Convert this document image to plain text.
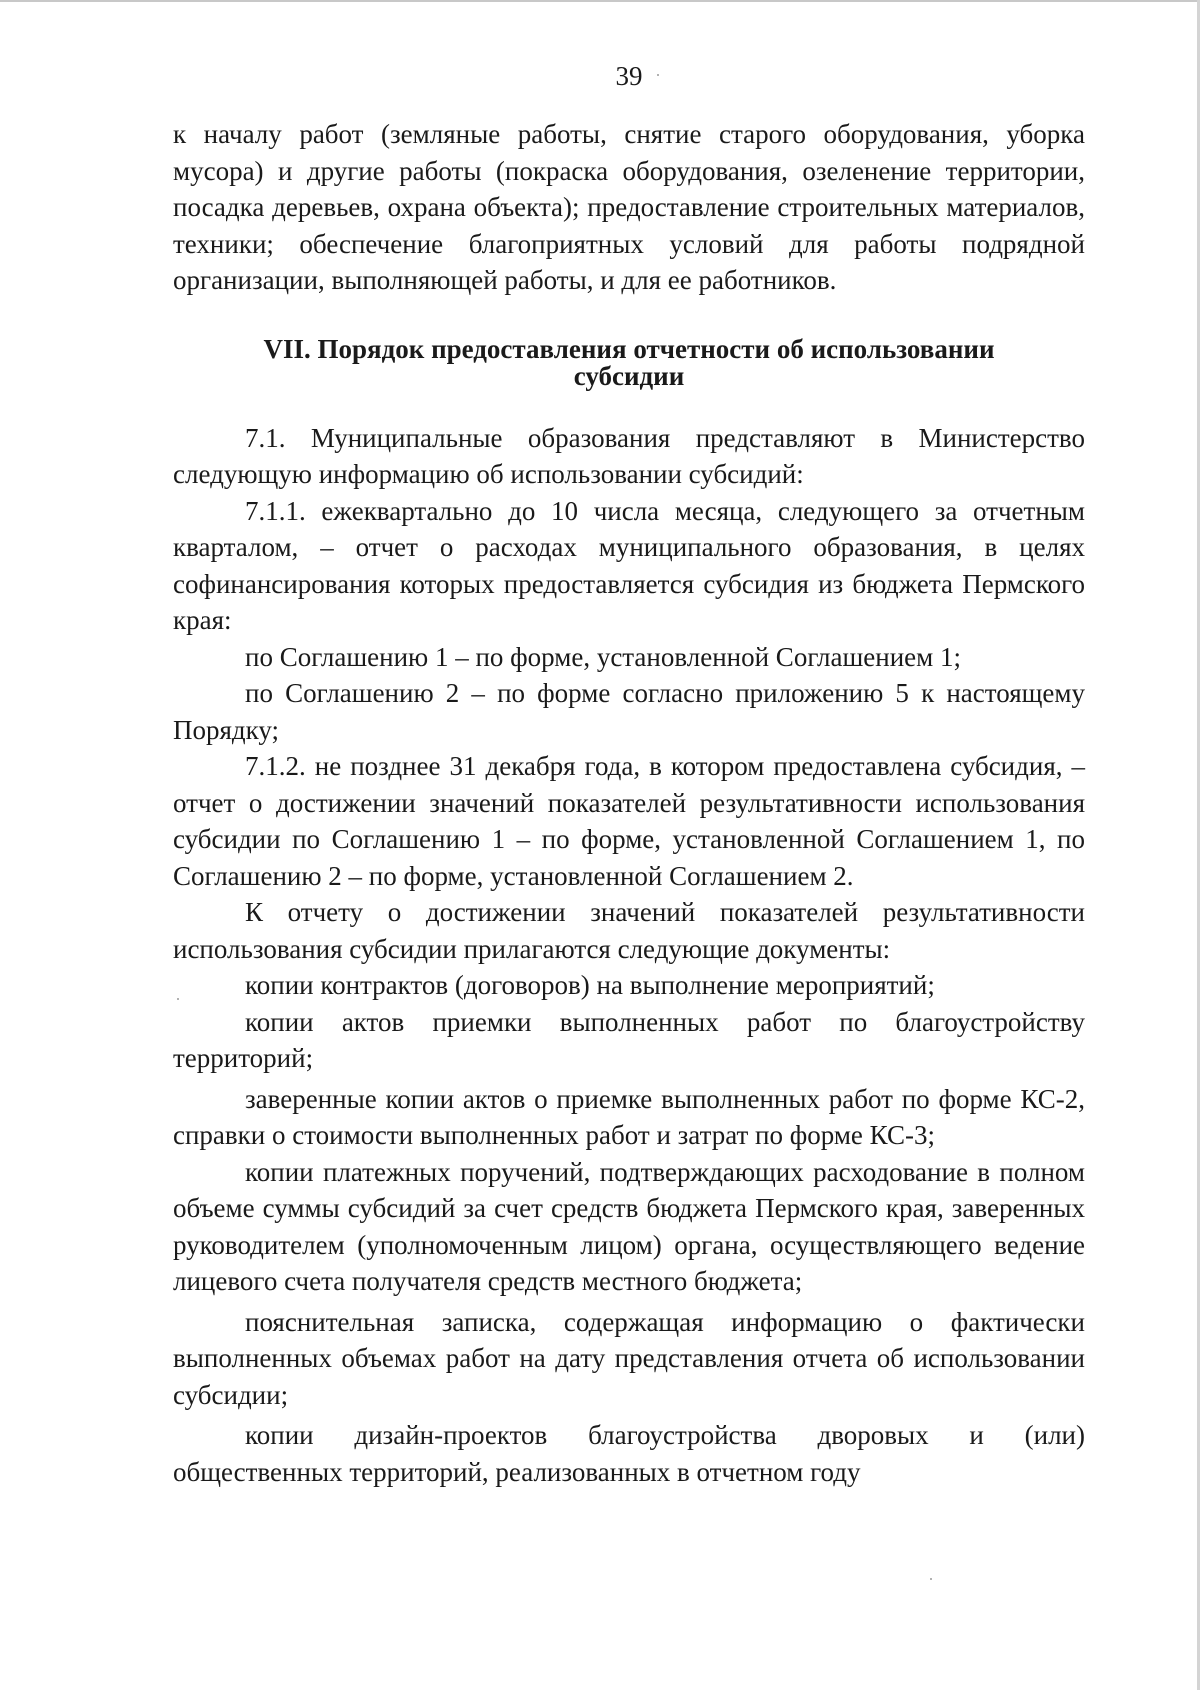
39

к началу работ (земляные работы, снятие старого оборудования, уборка мусора) и другие работы (покраска оборудования, озеленение территории, посадка деревьев, охрана объекта); предоставление строительных материалов, техники; обеспечение благоприятных условий для работы подрядной организации, выполняющей работы, и для ее работников.

VII. Порядок предоставления отчетности об использовании
субсидии

7.1. Муниципальные образования представляют в Министерство следующую информацию об использовании субсидий:

7.1.1. ежеквартально до 10 числа месяца, следующего за отчетным кварталом, – отчет о расходах муниципального образования, в целях софинансирования которых предоставляется субсидия из бюджета Пермского края:

по Соглашению 1 – по форме, установленной Соглашением 1;

по Соглашению 2 – по форме согласно приложению 5 к настоящему Порядку;

7.1.2. не позднее 31 декабря года, в котором предоставлена субсидия, – отчет о достижении значений показателей результативности использования субсидии по Соглашению 1 – по форме, установленной Соглашением 1, по Соглашению 2 – по форме, установленной Соглашением 2.

К отчету о достижении значений показателей результативности использования субсидии прилагаются следующие документы:

копии контрактов (договоров) на выполнение мероприятий;

копии актов приемки выполненных работ по благоустройству территорий;

заверенные копии актов о приемке выполненных работ по форме КС-2, справки о стоимости выполненных работ и затрат по форме КС-3;

копии платежных поручений, подтверждающих расходование в полном объеме суммы субсидий за счет средств бюджета Пермского края, заверенных руководителем (уполномоченным лицом) органа, осуществляющего ведение лицевого счета получателя средств местного бюджета;

пояснительная записка, содержащая информацию о фактически выполненных объемах работ на дату представления отчета об использовании субсидии;

копии дизайн-проектов благоустройства дворовых и (или) общественных территорий, реализованных в отчетном году
